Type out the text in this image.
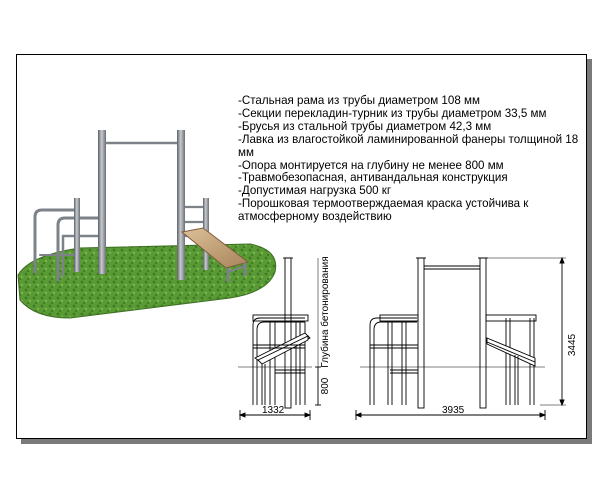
1332	3935
3445
800
Глубина бетонирования

-Стальная рама из трубы диаметром 108 мм

-Секции перекладин-турник из трубы диаметром 33,5 мм

-Брусья из стальной трубы диаметром 42,3 мм

-Лавка из влагостойкой ламинированной фанеры толщиной 18 мм

-Опора монтируется на глубину не менее 800 мм

-Травмобезопасная, антивандальная конструкция

-Допустимая нагрузка 500 кг

-Порошковая термоотверждаемая краска устойчива к атмосферному воздействию
